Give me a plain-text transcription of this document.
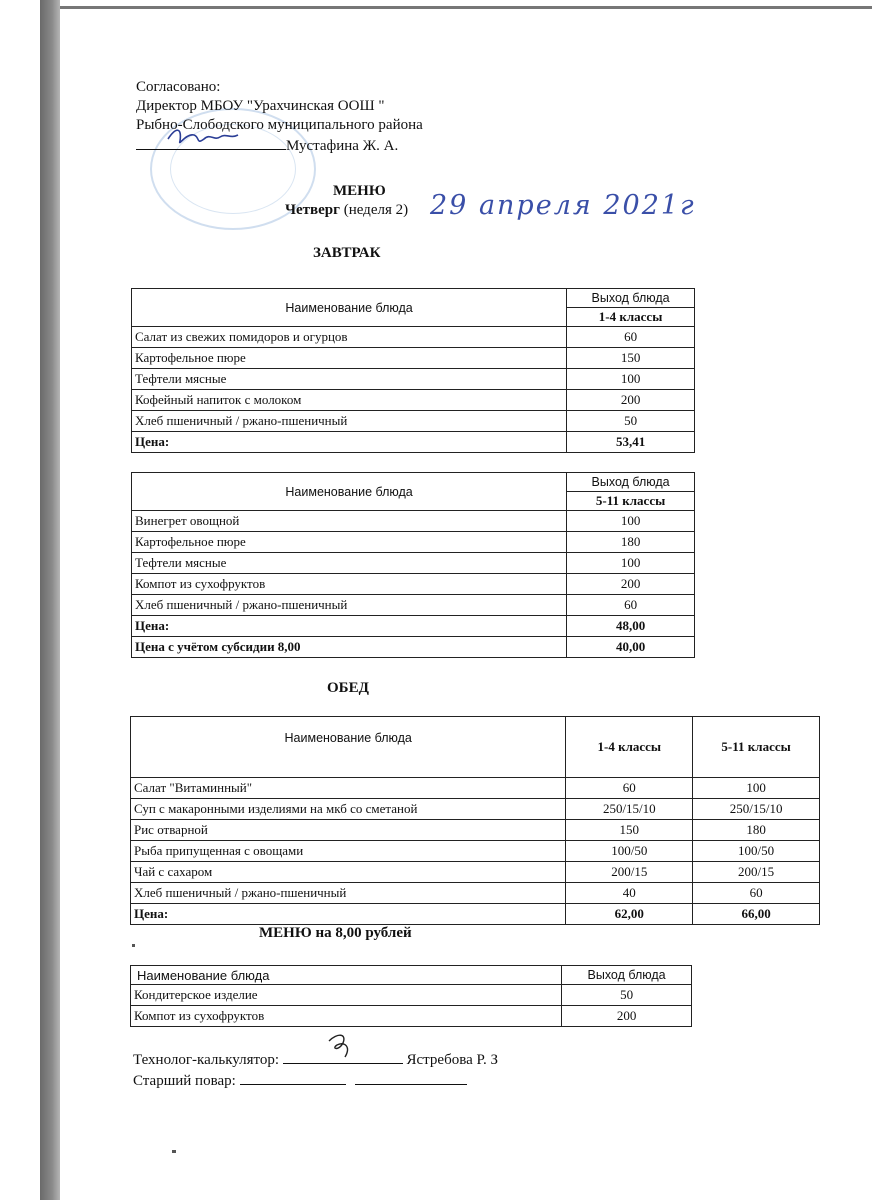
Согласовано:
Директор МБОУ "Урахчинская ООШ "
Рыбно-Слободского муниципального района
Мустафина Ж. А.
МЕНЮ
Четверг (неделя 2) 29 апреля 2021г
ЗАВТРАК
Наименование блюда	Выход блюда
	1-4 классы
Салат из свежих помидоров и огурцов	60
Картофельное пюре	150
Тефтели мясные	100
Кофейный напиток с молоком	200
Хлеб пшеничный / ржано-пшеничный	50
Цена:	53,41
Наименование блюда	Выход блюда
	5-11 классы
Винегрет овощной	100
Картофельное пюре	180
Тефтели мясные	100
Компот из сухофруктов	200
Хлеб пшеничный / ржано-пшеничный	60
Цена:	48,00
Цена с учётом субсидии 8,00	40,00
ОБЕД
Наименование блюда	1-4 классы	5-11 классы
Салат "Витаминный"	60	100
Суп с макаронными изделиями на мкб со сметаной	250/15/10	250/15/10
Рис отварной	150	180
Рыба припущенная с овощами	100/50	100/50
Чай с сахаром	200/15	200/15
Хлеб пшеничный / ржано-пшеничный	40	60
Цена:	62,00	66,00
МЕНЮ на 8,00 рублей
Наименование блюда	Выход блюда
Кондитерское изделие	50
Компот из сухофруктов	200
Технолог-калькулятор:	Ястребова Р. З
Старший повар:
